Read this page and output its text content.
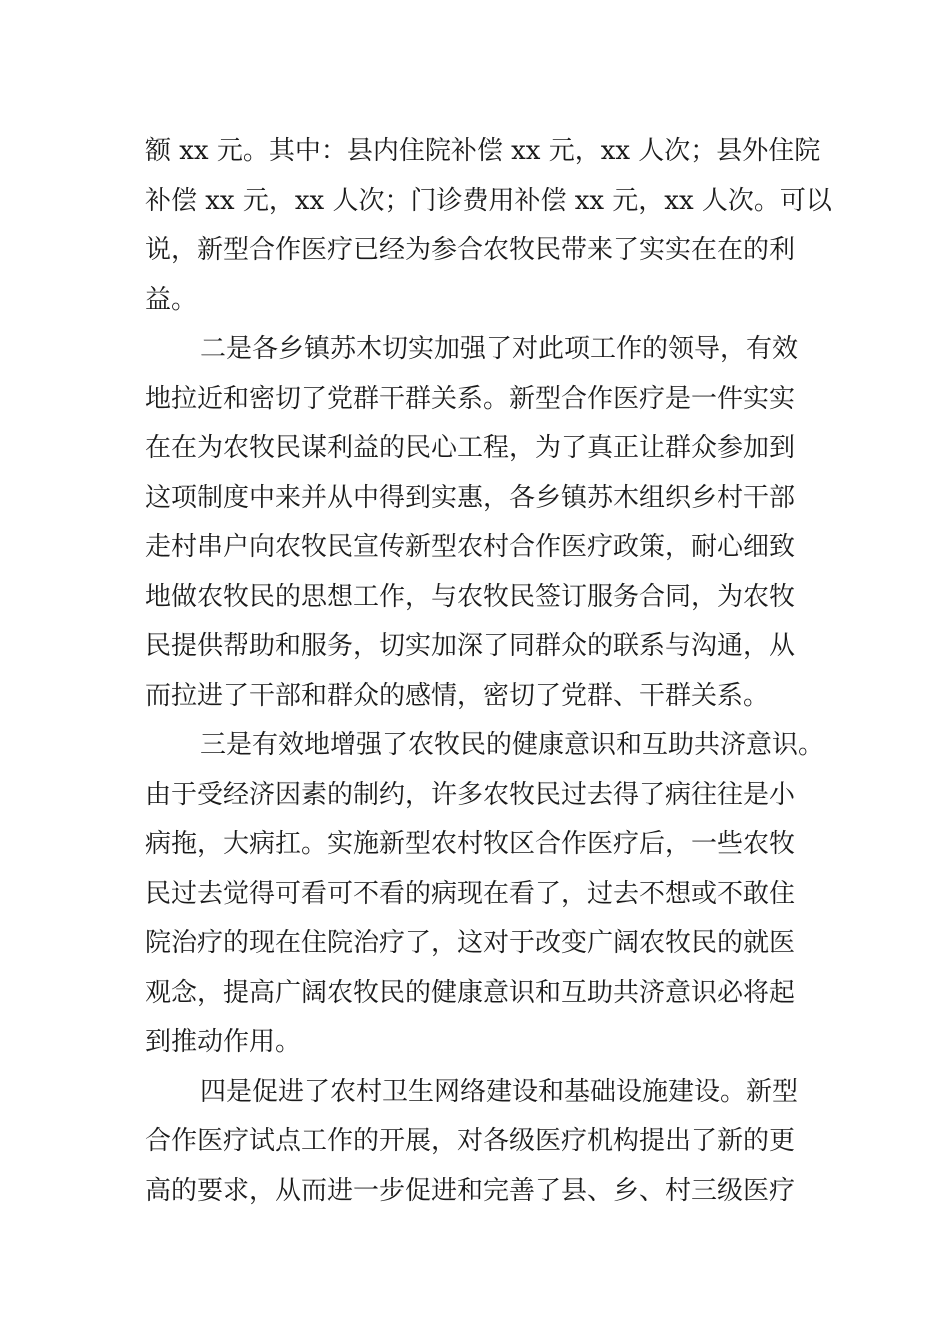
额 xx 元。其中：县内住院补偿 xx 元，xx 人次；县外住院
补偿 xx 元，xx 人次；门诊费用补偿 xx 元，xx 人次。可以
说，新型合作医疗已经为参合农牧民带来了实实在在的利
益。
二是各乡镇苏木切实加强了对此项工作的领导，有效
地拉近和密切了党群干群关系。新型合作医疗是一件实实
在在为农牧民谋利益的民心工程，为了真正让群众参加到
这项制度中来并从中得到实惠，各乡镇苏木组织乡村干部
走村串户向农牧民宣传新型农村合作医疗政策，耐心细致
地做农牧民的思想工作，与农牧民签订服务合同，为农牧
民提供帮助和服务，切实加深了同群众的联系与沟通，从
而拉进了干部和群众的感情，密切了党群、干群关系。
三是有效地增强了农牧民的健康意识和互助共济意识。
由于受经济因素的制约，许多农牧民过去得了病往往是小
病拖，大病扛。实施新型农村牧区合作医疗后，一些农牧
民过去觉得可看可不看的病现在看了，过去不想或不敢住
院治疗的现在住院治疗了，这对于改变广阔农牧民的就医
观念，提高广阔农牧民的健康意识和互助共济意识必将起
到推动作用。
四是促进了农村卫生网络建设和基础设施建设。新型
合作医疗试点工作的开展，对各级医疗机构提出了新的更
高的要求，从而进一步促进和完善了县、乡、村三级医疗
